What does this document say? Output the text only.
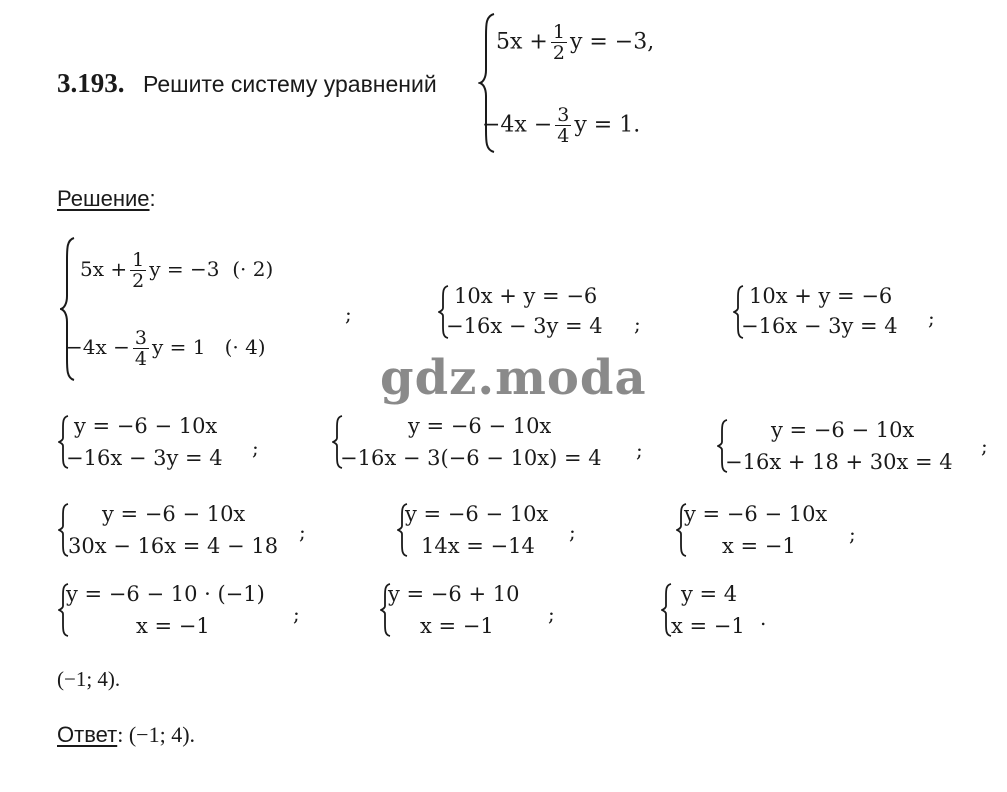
3.193. Решите систему уравнений
$5x + \frac{1}{2}$ y = −3,
$-4x - \frac{3}{4}$ y = 1.
Решение:
$5x + \frac{1}{2}$ y = −3 (· 2)
$-4x - \frac{3}{4}$ y = 1 (· 4)
;
10x + y = −6
−16x − 3y = 4 ;
10x + y = −6
−16x − 3y = 4 ;
gdz.moda
y = −6 − 10x
−16x − 3y = 4 ;
y = −6 − 10x
−16x − 3(−6 − 10x) = 4 ;
y = −6 − 10x
−16x + 18 + 30x = 4
;
y = −6 − 10x
30x − 16x = 4 − 18
;
y = −6 − 10x
14x = −14
;
y = −6 − 10x
x = −1	;
y = −6 − 10 · (−1)
x = −1	;
y = −6 + 10
x = −1	;
y = 4
x = −1 .
(−1; 4).
Ответ: (−1; 4).
